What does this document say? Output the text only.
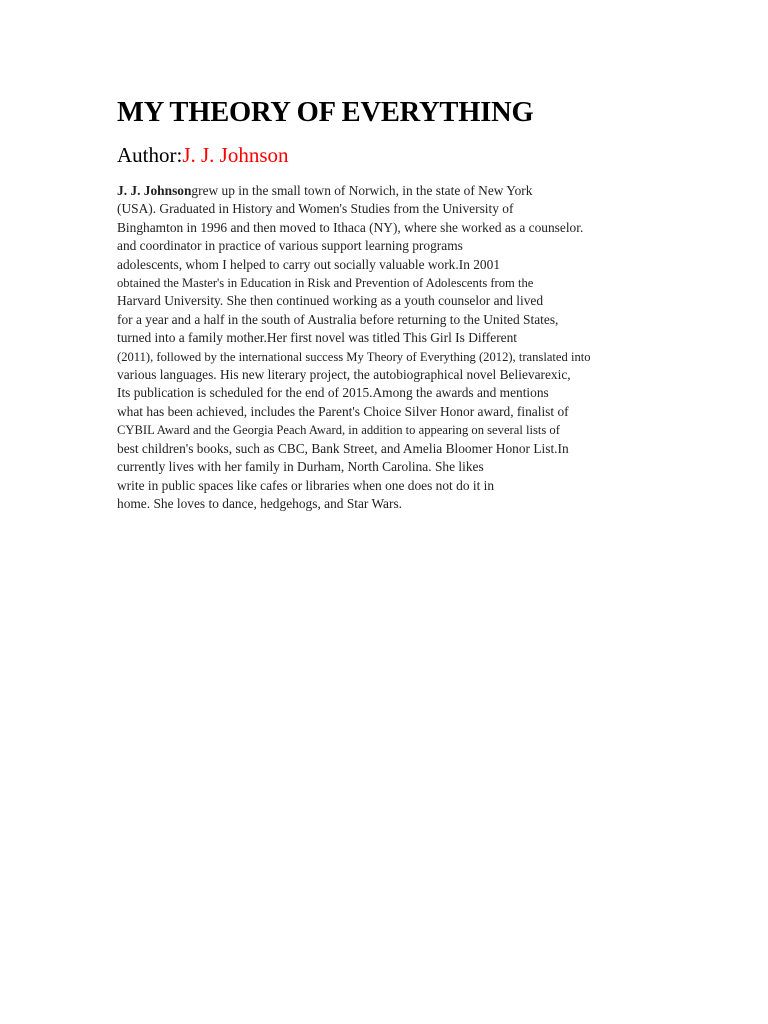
MY THEORY OF EVERYTHING
Author:J. J. Johnson
J. J. Johnsongrew up in the small town of Norwich, in the state of New York
(USA). Graduated in History and Women's Studies from the University of
Binghamton in 1996 and then moved to Ithaca (NY), where she worked as a counselor.
and coordinator in practice of various support learning programs
adolescents, whom I helped to carry out socially valuable work.In 2001
obtained the Master's in Education in Risk and Prevention of Adolescents from the
Harvard University. She then continued working as a youth counselor and lived
for a year and a half in the south of Australia before returning to the United States,
turned into a family mother.Her first novel was titled This Girl Is Different
(2011), followed by the international success My Theory of Everything (2012), translated into
various languages. His new literary project, the autobiographical novel Believarexic,
Its publication is scheduled for the end of 2015.Among the awards and mentions
what has been achieved, includes the Parent's Choice Silver Honor award, finalist of
CYBIL Award and the Georgia Peach Award, in addition to appearing on several lists of
best children's books, such as CBC, Bank Street, and Amelia Bloomer Honor List.In
currently lives with her family in Durham, North Carolina. She likes
write in public spaces like cafes or libraries when one does not do it in
home. She loves to dance, hedgehogs, and Star Wars.
